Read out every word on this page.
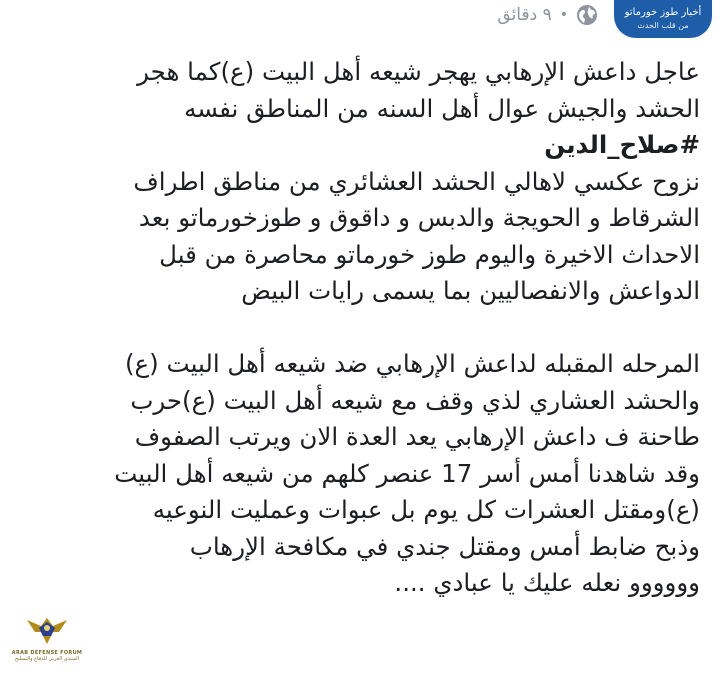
أخبار طوز خورماتو
من قلب الحدث
٩ دقائق •

عاجل داعش الإرهابي يهجر شيعه أهل البيت (ع)كما هجر

الحشد والجيش عوال أهل السنه من المناطق نفسه

#صلاح_الدين

نزوح عكسي لاهالي الحشد العشائري من مناطق اطراف

الشرقاط و الحويجة والدبس و داقوق و طوزخورماتو بعد

الاحداث الاخيرة واليوم طوز خورماتو محاصرة من قبل

الدواعش والانفصاليين بما يسمى رايات البيض

المرحله المقبله لداعش الإرهابي ضد شيعه أهل البيت (ع)

والحشد العشاري لذي وقف مع شيعه أهل البيت (ع)حرب

طاحنة ف داعش الإرهابي يعد العدة الان ويرتب الصفوف

وقد شاهدنا أمس أسر 17 عنصر كلهم من شيعه أهل البيت

(ع)ومقتل العشرات كل يوم بل عبوات وعمليت النوعيه

وذبح ضابط أمس ومقتل جندي في مكافحة الإرهاب

وووووو نعله عليك يا عبادي ....

ARAB DEFENSE FORUM
المنتدى العربي للدفاع والتسليح
